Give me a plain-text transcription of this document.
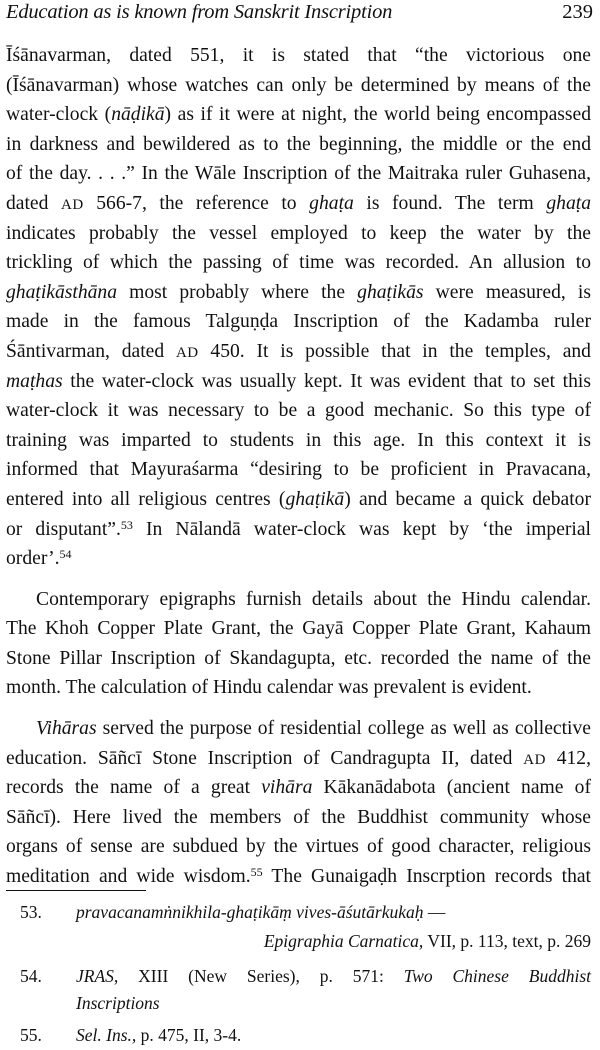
Education as is known from Sanskrit Inscription	239
Īśānavarman, dated 551, it is stated that “the victorious one
(Īśānavarman) whose watches can only be determined by means of the
water-clock (nāḍikā) as if it were at night, the world being encompassed
in darkness and bewildered as to the beginning, the middle or the end
of the day. . . .” In the Wāle Inscription of the Maitraka ruler Guhasena,
dated AD 566-7, the reference to ghaṭa is found. The term ghaṭa
indicates probably the vessel employed to keep the water by the
trickling of which the passing of time was recorded. An allusion to
ghaṭikāsthāna most probably where the ghaṭikās were measured, is
made in the famous Talguṇḍa Inscription of the Kadamba ruler
Śāntivarman, dated AD 450. It is possible that in the temples, and
maṭhas the water-clock was usually kept. It was evident that to set this
water-clock it was necessary to be a good mechanic. So this type of
training was imparted to students in this age. In this context it is
informed that Mayuraśarma “desiring to be proficient in Pravacana,
entered into all religious centres (ghaṭikā) and became a quick debator
or disputant”.$^{53}$ In Nālandā water-clock was kept by ‘the imperial
order’.$^{54}$
Contemporary epigraphs furnish details about the Hindu calendar.
The Khoh Copper Plate Grant, the Gayā Copper Plate Grant, Kahaum
Stone Pillar Inscription of Skandagupta, etc. recorded the name of the
month. The calculation of Hindu calendar was prevalent is evident.
Vihāras served the purpose of residential college as well as collective
education. Sāñcī Stone Inscription of Candragupta II, dated AD 412,
records the name of a great vihāra Kākanādabota (ancient name of
Sāñcī). Here lived the members of the Buddhist community whose
organs of sense are subdued by the virtues of good character, religious
meditation and wide wisdom.$^{55}$ The Gunaigaḍh Inscrption records that
53. pravacanamṅnikhila-ghaṭikāṃ vives-āśutārkukaḥ —
Epigraphia Carnatica, VII, p. 113, text, p. 269
54. JRAS, XIII (New Series), p. 571: Two Chinese Buddhist
Inscriptions
55. Sel. Ins., p. 475, II, 3-4.
